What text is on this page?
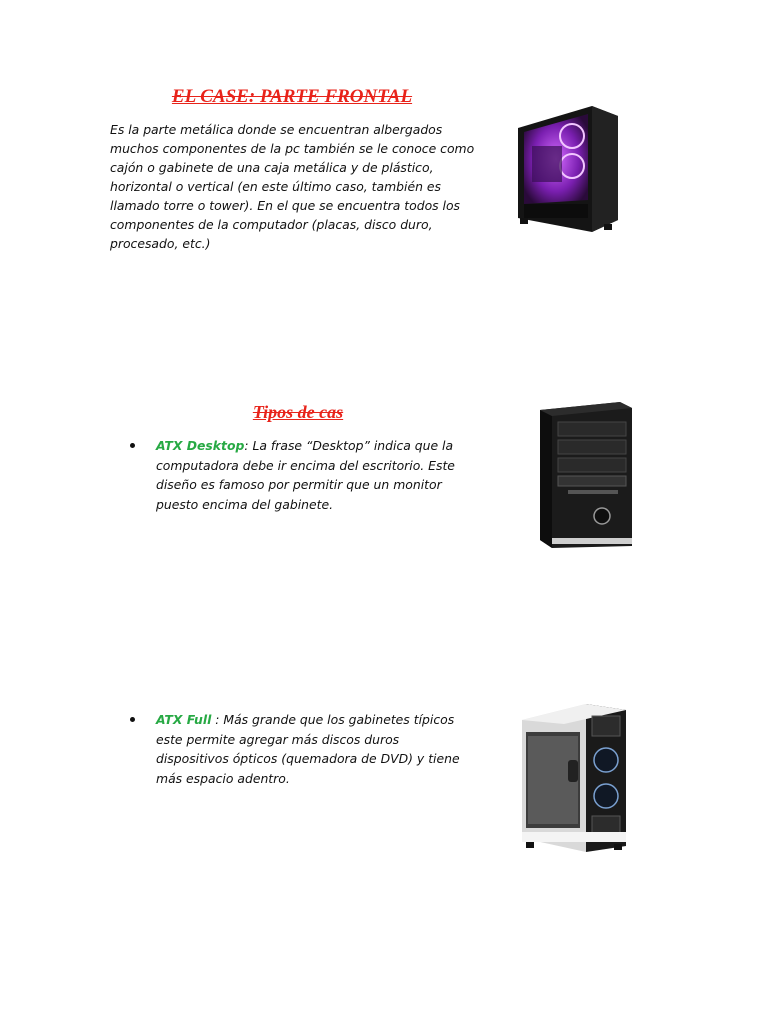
EL CASE: PARTE FRONTAL

Es la parte metálica donde se encuentran albergados muchos componentes de la pc también se le conoce como cajón o gabinete de una caja metálica y de plástico, horizontal o vertical (en este último caso, también es llamado torre o tower). En el que se encuentra todos los componentes de la computador (placas, disco duro, procesado, etc.)

Tipos de cas
ATX Desktop: La frase “Desktop” indica que la computadora debe ir encima del escritorio. Este diseño es famoso por permitir que un monitor puesto encima del gabinete.
ATX Full : Más grande que los gabinetes típicos este permite agregar más discos duros dispositivos ópticos (quemadora de DVD) y tiene más espacio adentro.
